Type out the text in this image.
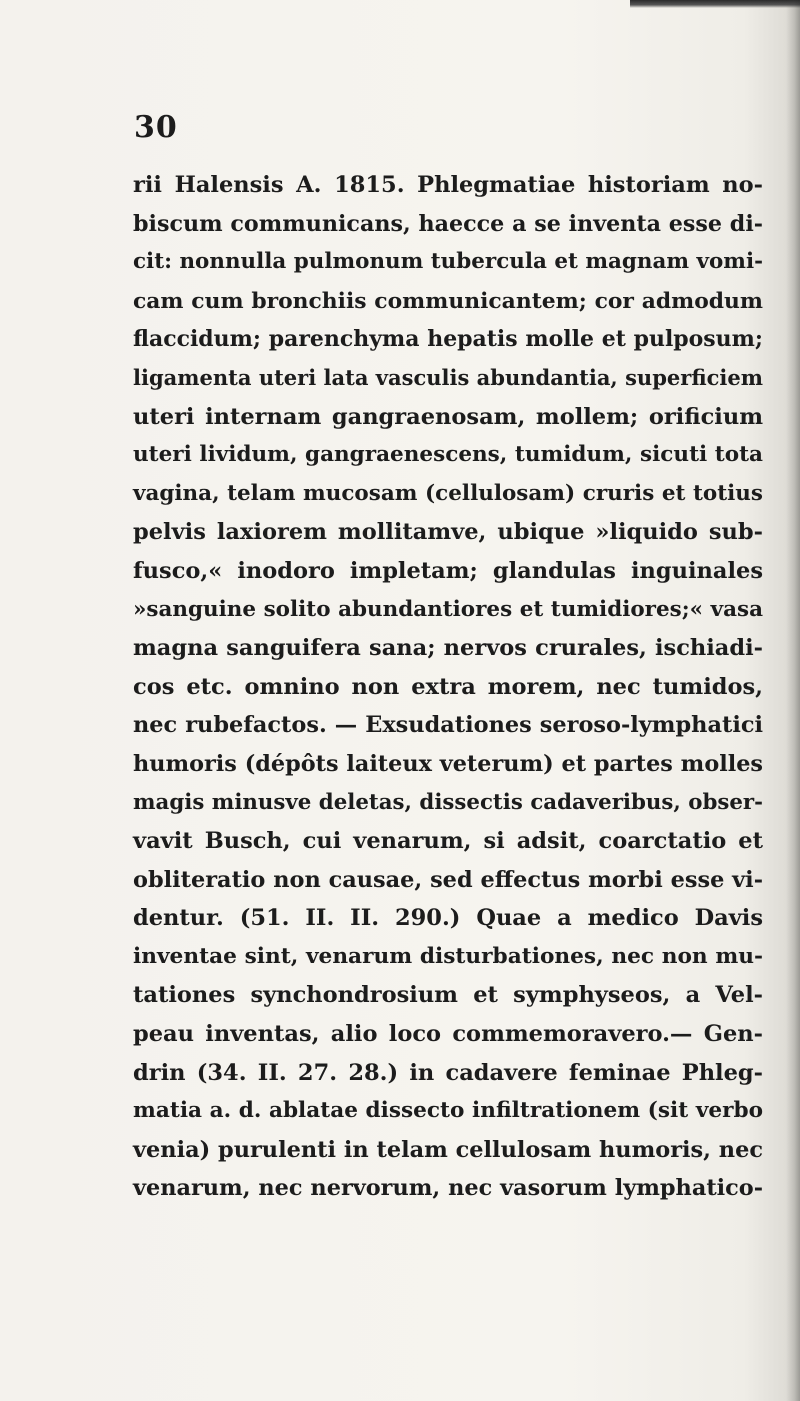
30
rii Halensis A. 1815. Phlegmatiae historiam no-
biscum communicans, haecce a se inventa esse di-
cit: nonnulla pulmonum tubercula et magnam vomi-
cam cum bronchiis communicantem; cor admodum
flaccidum; parenchyma hepatis molle et pulposum;
ligamenta uteri lata vasculis abundantia, superficiem
uteri internam gangraenosam, mollem; orificium
uteri lividum, gangraenescens, tumidum, sicuti tota
vagina, telam mucosam (cellulosam) cruris et totius
pelvis laxiorem mollitamve, ubique »liquido sub-
fusco,« inodoro impletam; glandulas inguinales
»sanguine solito abundantiores et tumidiores;« vasa
magna sanguifera sana; nervos crurales, ischiadi-
cos etc. omnino non extra morem, nec tumidos,
nec rubefactos. — Exsudationes seroso-lymphatici
humoris (dépôts laiteux veterum) et partes molles
magis minusve deletas, dissectis cadaveribus, obser-
vavit Busch, cui venarum, si adsit, coarctatio et
obliteratio non causae, sed effectus morbi esse vi-
dentur. (51. II. II. 290.) Quae a medico Davis
inventae sint, venarum disturbationes, nec non mu-
tationes synchondrosium et symphyseos, a Vel-
peau inventas, alio loco commemoravero.— Gen-
drin (34. II. 27. 28.) in cadavere feminae Phleg-
matia a. d. ablatae dissecto infiltrationem (sit verbo
venia) purulenti in telam cellulosam humoris, nec
venarum, nec nervorum, nec vasorum lymphatico-
